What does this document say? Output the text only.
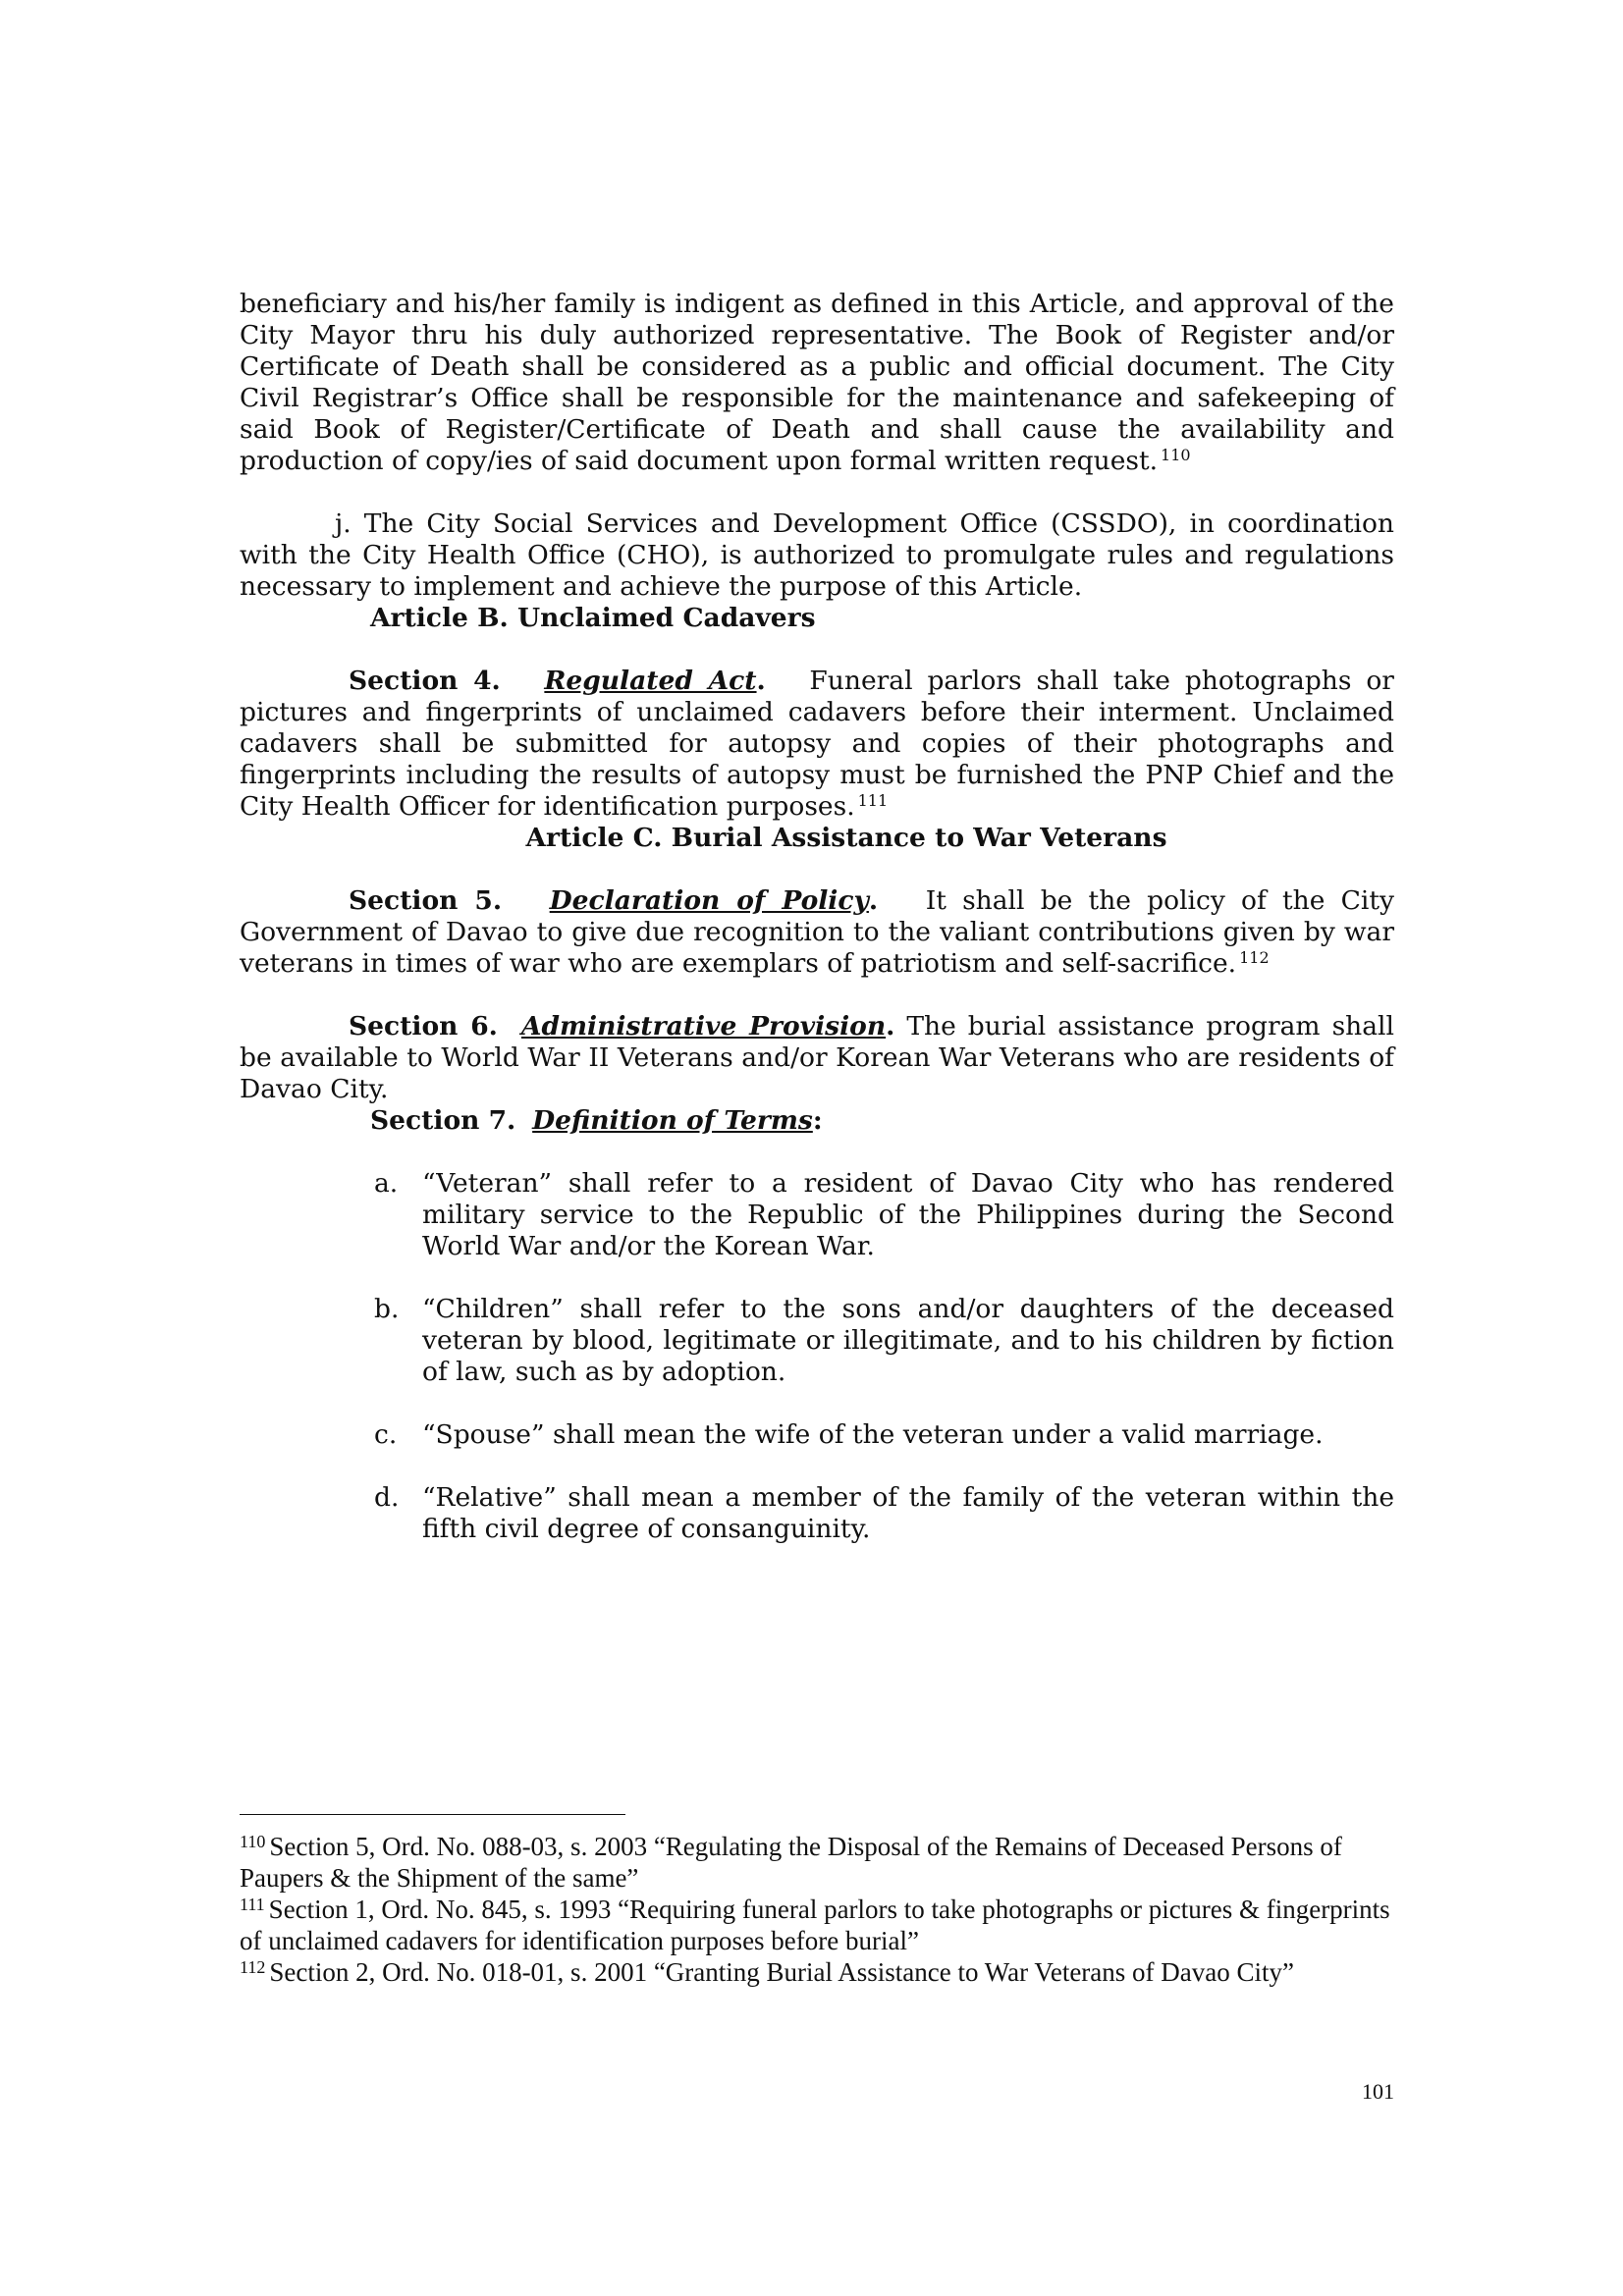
beneficiary and his/her family is indigent as defined in this Article, and approval of the City Mayor thru his duly authorized representative. The Book of Register and/or Certificate of Death shall be considered as a public and official document. The City Civil Registrar’s Office shall be responsible for the maintenance and safekeeping of said Book of Register/Certificate of Death and shall cause the availability and production of copy/ies of said document upon formal written request. $^{110}$

j. The City Social Services and Development Office (CSSDO), in coordination with the City Health Office (CHO), is authorized to promulgate rules and regulations necessary to implement and achieve the purpose of this Article.

Article B. Unclaimed Cadavers

Section 4. Regulated Act. Funeral parlors shall take photographs or pictures and fingerprints of unclaimed cadavers before their interment. Unclaimed cadavers shall be submitted for autopsy and copies of their photographs and fingerprints including the results of autopsy must be furnished the PNP Chief and the City Health Officer for identification purposes. $^{111}$

Article C. Burial Assistance to War Veterans

Section 5. Declaration of Policy. It shall be the policy of the City Government of Davao to give due recognition to the valiant contributions given by war veterans in times of war who are exemplars of patriotism and self-sacrifice. $^{112}$

Section 6. Administrative Provision. The burial assistance program shall be available to World War II Veterans and/or Korean War Veterans who are residents of Davao City.

Section 7. Definition of Terms:

a. “Veteran” shall refer to a resident of Davao City who has rendered military service to the Republic of the Philippines during the Second World War and/or the Korean War.
b. “Children” shall refer to the sons and/or daughters of the deceased veteran by blood, legitimate or illegitimate, and to his children by fiction of law, such as by adoption.
c. “Spouse” shall mean the wife of the veteran under a valid marriage.
d. “Relative” shall mean a member of the family of the veteran within the fifth civil degree of consanguinity.

$^{110}$ Section 5, Ord. No. 088-03, s. 2003 “Regulating the Disposal of the Remains of Deceased Persons of Paupers & the Shipment of the same”

$^{111}$ Section 1, Ord. No. 845, s. 1993 “Requiring funeral parlors to take photographs or pictures & fingerprints of unclaimed cadavers for identification purposes before burial”

$^{112}$ Section 2, Ord. No. 018-01, s. 2001 “Granting Burial Assistance to War Veterans of Davao City”

101
